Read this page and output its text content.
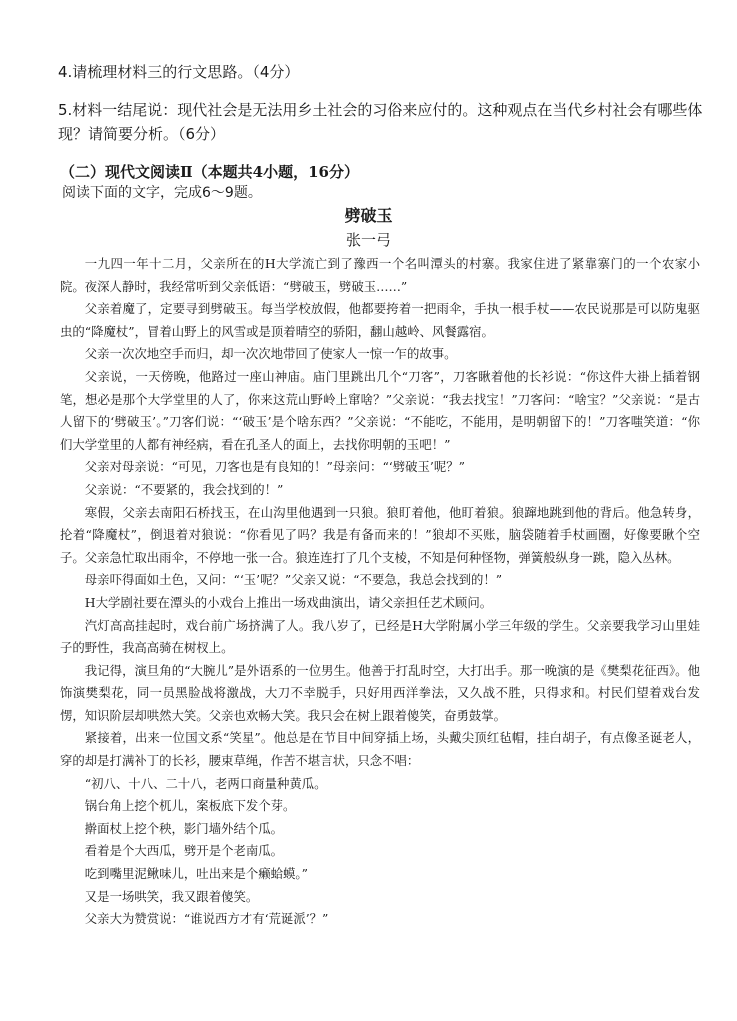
4.请梳理材料三的行文思路。（4分）
5.材料一结尾说：现代社会是无法用乡土社会的习俗来应付的。这种观点在当代乡村社会有哪些体现？请简要分析。（6分）
（二）现代文阅读Ⅱ（本题共4小题，16分）
阅读下面的文字，完成6～9题。
劈破玉
张一弓

一九四一年十二月，父亲所在的H大学流亡到了豫西一个名叫潭头的村寨。我家住进了紧靠寨门的一个农家小院。夜深人静时，我经常听到父亲低语：“劈破玉，劈破玉……”

父亲着魔了，定要寻到劈破玉。每当学校放假，他都要挎着一把雨伞，手执一根手杖——农民说那是可以防鬼驱虫的“降魔杖”，冒着山野上的风雪或是顶着晴空的骄阳，翻山越岭、风餐露宿。

父亲一次次地空手而归，却一次次地带回了使家人一惊一乍的故事。

父亲说，一天傍晚，他路过一座山神庙。庙门里跳出几个“刀客”，刀客瞅着他的长衫说：“你这件大褂上插着钢笔，想必是那个大学堂里的人了，你来这荒山野岭上窜啥？”父亲说：“我去找宝！”刀客问：“啥宝？”父亲说：“是古人留下的‘劈破玉’。”刀客们说：“‘破玉’是个啥东西？”父亲说：“不能吃，不能用，是明朝留下的！”刀客嗤笑道：“你们大学堂里的人都有神经病，看在孔圣人的面上，去找你明朝的玉吧！”

父亲对母亲说：“可见，刀客也是有良知的！”母亲问：“‘劈破玉’呢？”

父亲说：“不要紧的，我会找到的！”

寒假，父亲去南阳石桥找玉，在山沟里他遇到一只狼。狼盯着他，他盯着狼。狼蹿地跳到他的背后。他急转身，抡着“降魔杖”，倒退着对狼说：“你看见了吗？我是有备而来的！”狼却不买账，脑袋随着手杖画圈，好像要瞅个空子。父亲急忙取出雨伞，不停地一张一合。狼连连打了几个支棱，不知是何种怪物，弹簧般纵身一跳，隐入丛林。

母亲吓得面如土色，又问：“‘玉’呢？”父亲又说：“不要急，我总会找到的！”

H大学剧社要在潭头的小戏台上推出一场戏曲演出，请父亲担任艺术顾问。

汽灯高高挂起时，戏台前广场挤满了人。我八岁了，已经是H大学附属小学三年级的学生。父亲要我学习山里娃子的野性，我高高骑在树杈上。

我记得，演旦角的“大腕儿”是外语系的一位男生。他善于打乱时空，大打出手。那一晚演的是《樊梨花征西》。他饰演樊梨花，同一员黑脸战将激战，大刀不幸脱手，只好用西洋拳法，又久战不胜，只得求和。村民们望着戏台发愣，知识阶层却哄然大笑。父亲也欢畅大笑。我只会在树上跟着傻笑，奋勇鼓掌。

紧接着，出来一位国文系“笑星”。他总是在节目中间穿插上场，头戴尖顶红毡帽，挂白胡子，有点像圣诞老人，穿的却是打满补丁的长衫，腰束草绳，作苦不堪言状，只念不唱：

“初八、十八、二十八，老两口商量种黄瓜。

锅台角上挖个杌儿，案板底下发个芽。

擀面杖上挖个秧，影门墙外结个瓜。

看着是个大西瓜，劈开是个老南瓜。

吃到嘴里泥鳅味儿，吐出来是个癞蛤蟆。”

又是一场哄笑，我又跟着傻笑。

父亲大为赞赏说：“谁说西方才有‘荒诞派’？”
